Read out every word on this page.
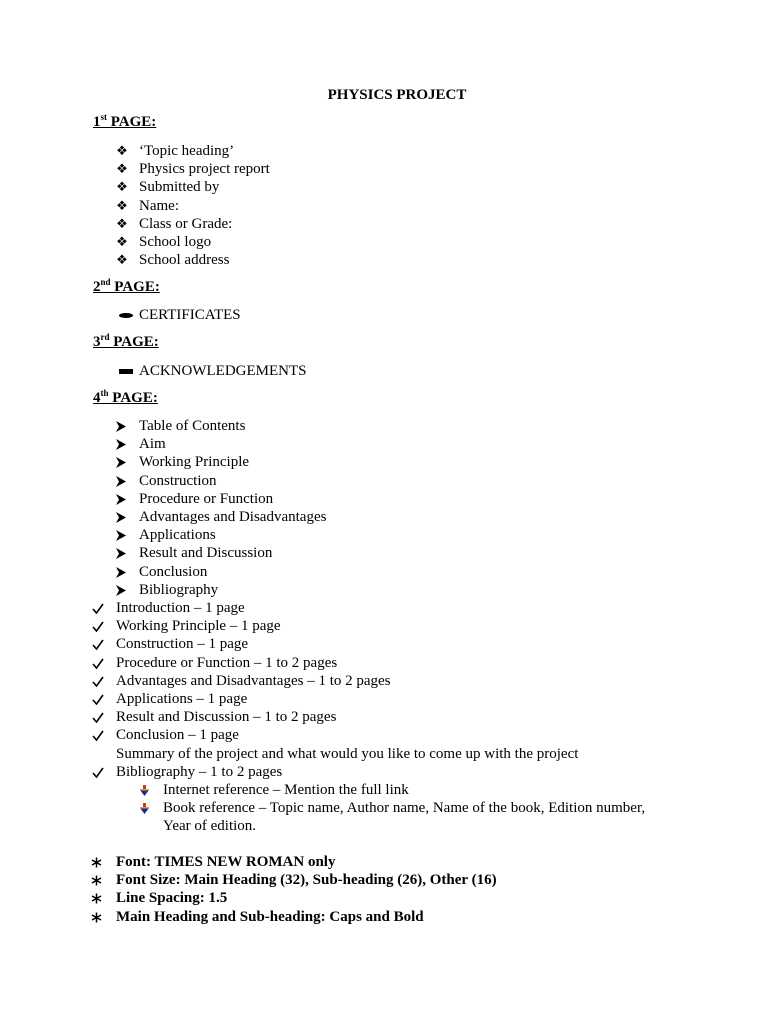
PHYSICS PROJECT
1st PAGE:
❖ ‘Topic heading’
❖ Physics project report
❖ Submitted by
❖ Name:
❖ Class or Grade:
❖ School logo
❖ School address
2nd PAGE:
CERTIFICATES
3rd PAGE:
ACKNOWLEDGEMENTS
4th PAGE:
Table of Contents
Aim
Working Principle
Construction
Procedure or Function
Advantages and Disadvantages
Applications
Result and Discussion
Conclusion
Bibliography
Introduction – 1 page
Working Principle – 1 page
Construction – 1 page
Procedure or Function – 1 to 2 pages
Advantages and Disadvantages – 1 to 2 pages
Applications – 1 page
Result and Discussion – 1 to 2 pages
Conclusion – 1 page
Summary of the project and what would you like to come up with the project
Bibliography – 1 to 2 pages
Internet reference – Mention the full link
Book reference – Topic name, Author name, Name of the book, Edition number,
Year of edition.
Font: TIMES NEW ROMAN only
Font Size: Main Heading (32), Sub-heading (26), Other (16)
Line Spacing: 1.5
Main Heading and Sub-heading: Caps and Bold
